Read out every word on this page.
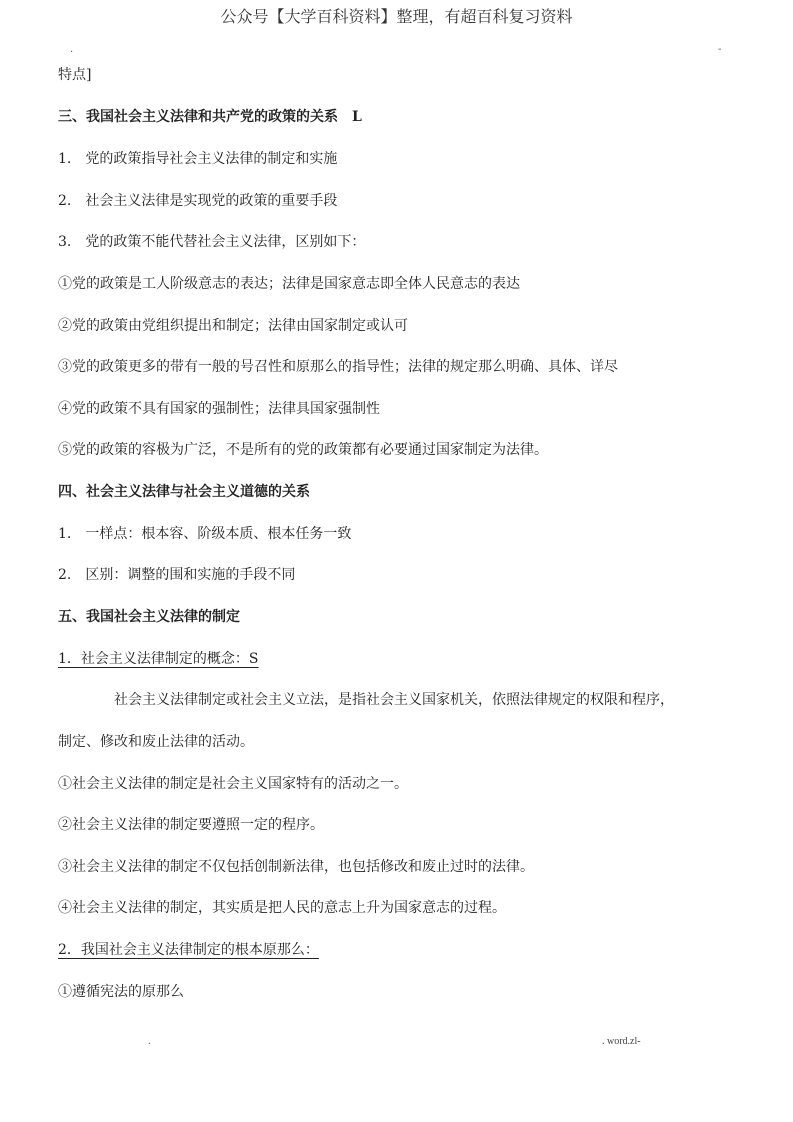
公众号【大学百科资料】整理，有超百科复习资料
.	-
特点]
三、我国社会主义法律和共产党的政策的关系　L
1.　党的政策指导社会主义法律的制定和实施
2.　社会主义法律是实现党的政策的重要手段
3.　党的政策不能代替社会主义法律，区别如下：
①党的政策是工人阶级意志的表达；法律是国家意志即全体人民意志的表达
②党的政策由党组织提出和制定；法律由国家制定或认可
③党的政策更多的带有一般的号召性和原那么的指导性；法律的规定那么明确、具体、详尽
④党的政策不具有国家的强制性；法律具国家强制性
⑤党的政策的容极为广泛，不是所有的党的政策都有必要通过国家制定为法律。
四、社会主义法律与社会主义道德的关系
1.　一样点：根本容、阶级本质、根本任务一致
2.　区别：调整的围和实施的手段不同
五、我国社会主义法律的制定
1．社会主义法律制定的概念：S
社会主义法律制定或社会主义立法，是指社会主义国家机关，依照法律规定的权限和程序，
制定、修改和废止法律的活动。
①社会主义法律的制定是社会主义国家特有的活动之一。
②社会主义法律的制定要遵照一定的程序。
③社会主义法律的制定不仅包括创制新法律，也包括修改和废止过时的法律。
④社会主义法律的制定，其实质是把人民的意志上升为国家意志的过程。
2．我国社会主义法律制定的根本原那么：
①遵循宪法的原那么
.	. word.zl-
